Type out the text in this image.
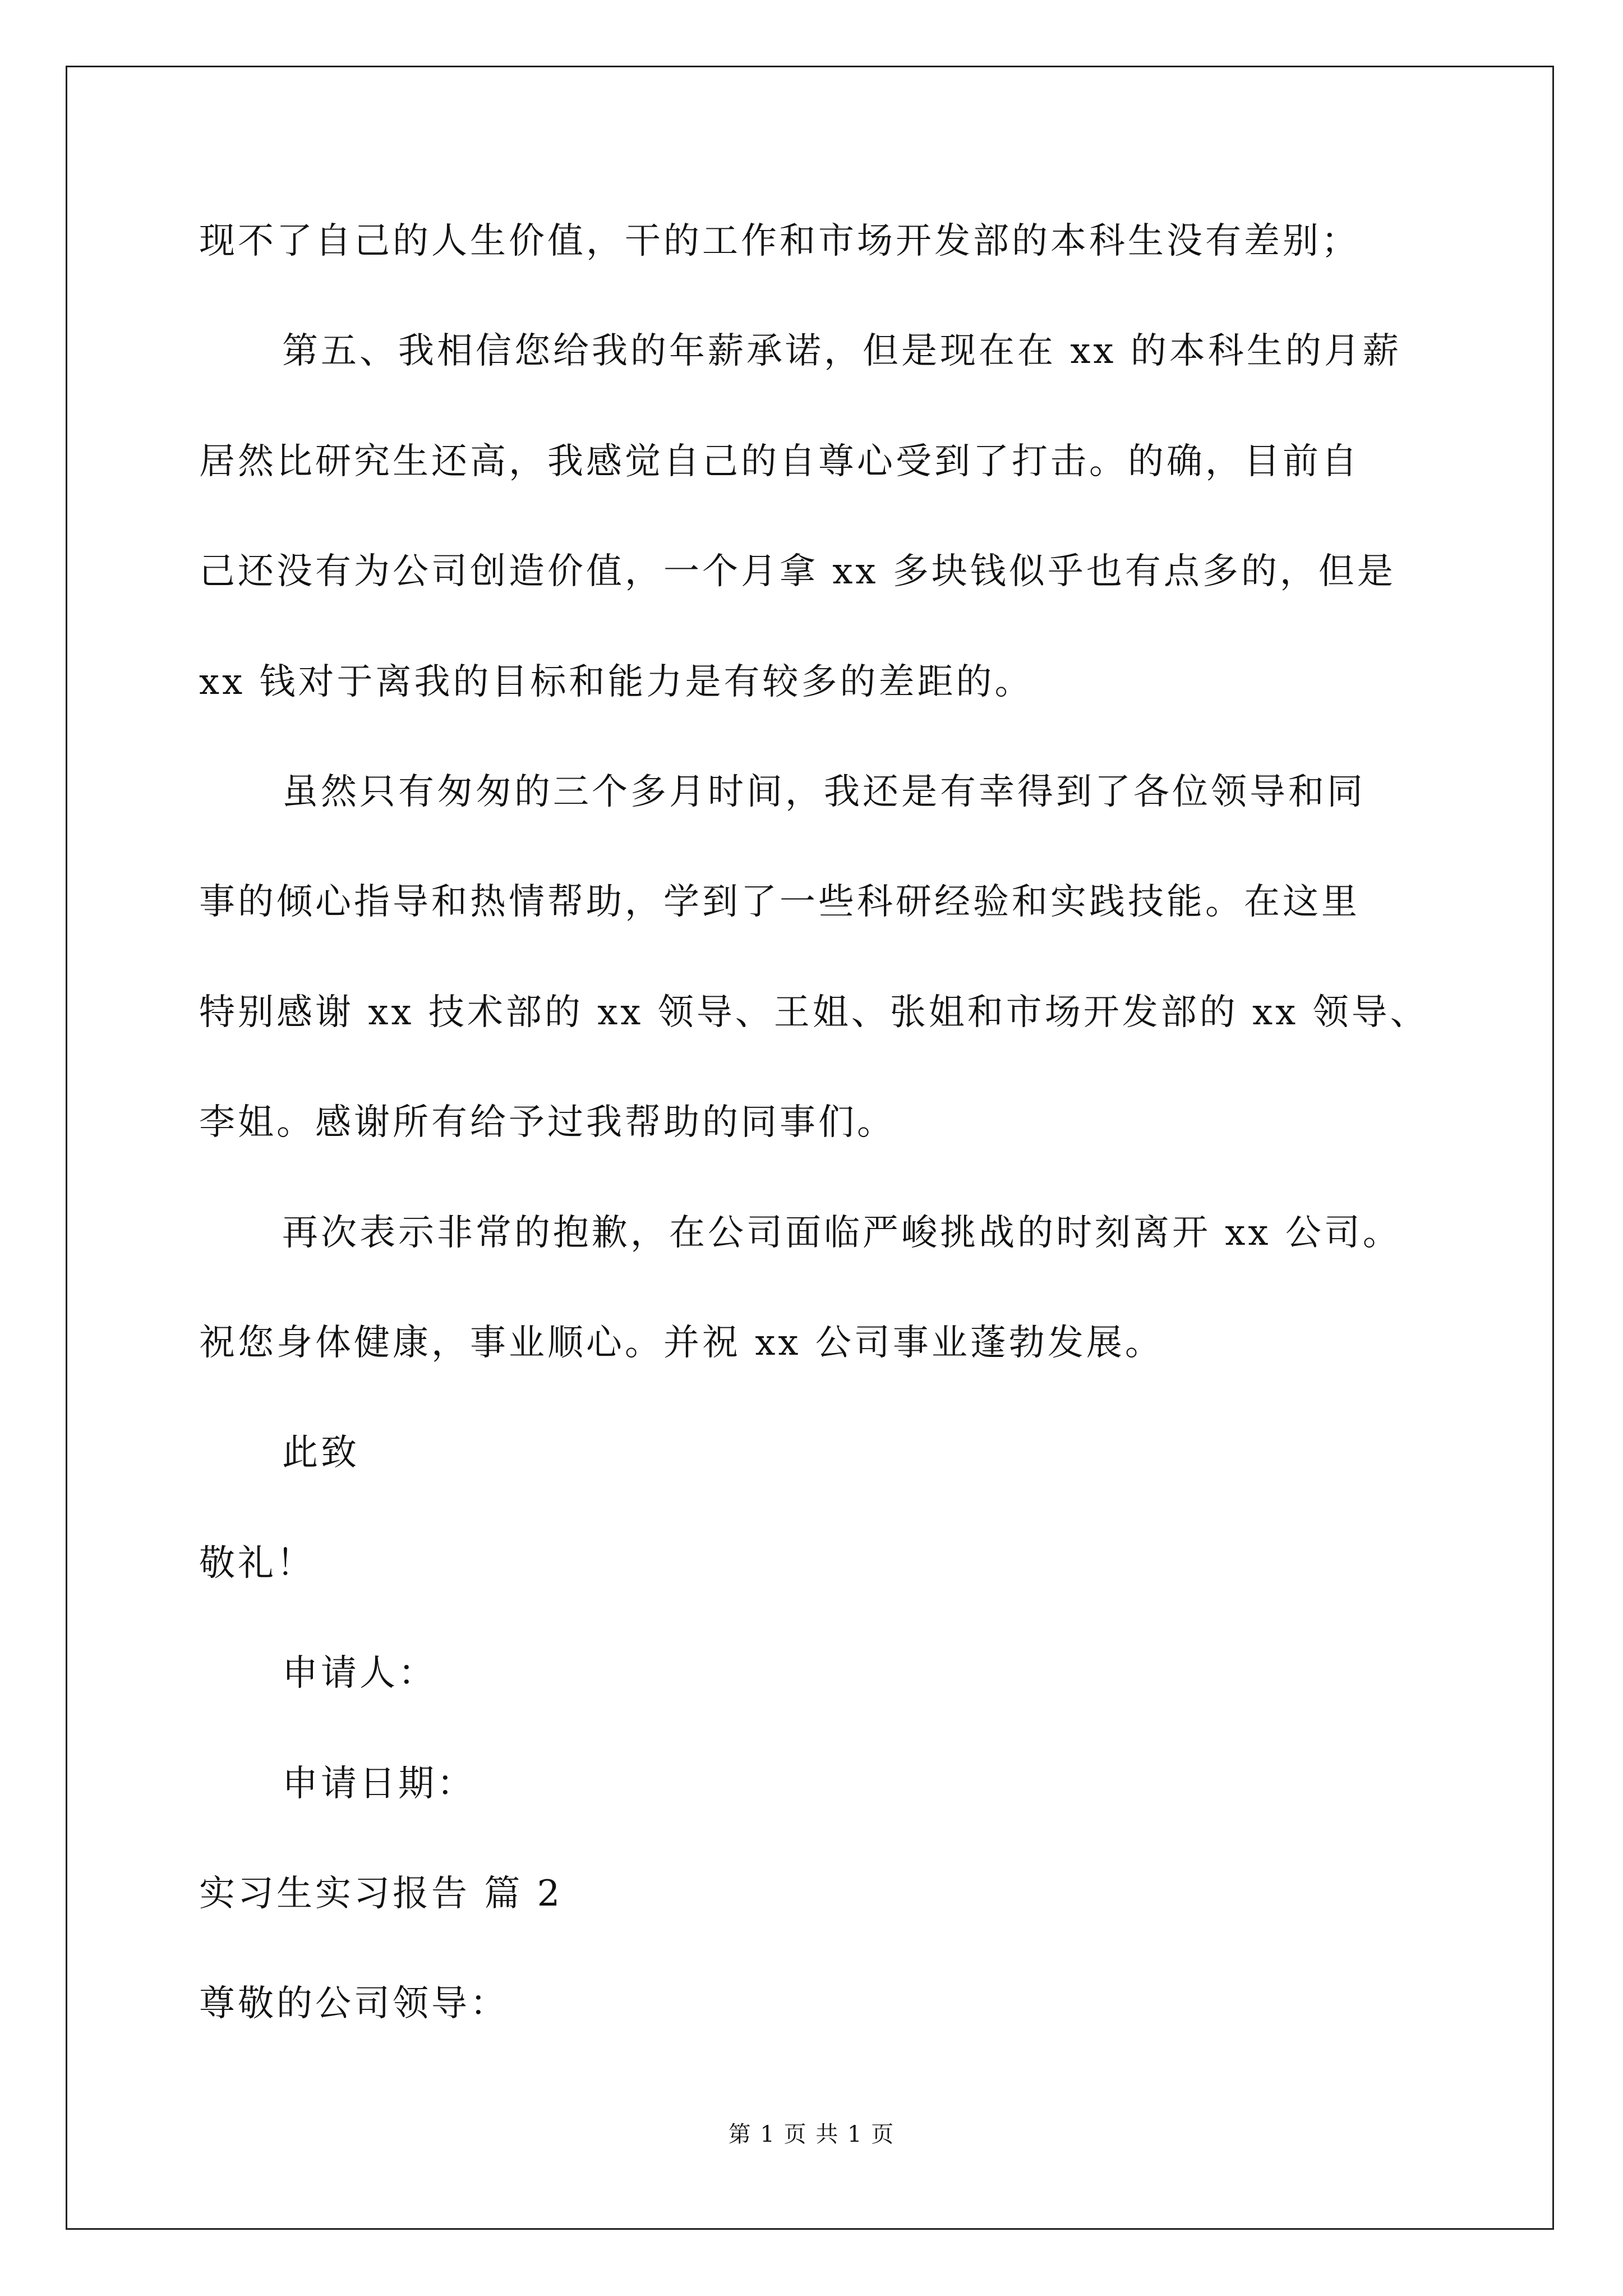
现不了自己的人生价值，干的工作和市场开发部的本科生没有差别；
第五、我相信您给我的年薪承诺，但是现在在 xx 的本科生的月薪
居然比研究生还高，我感觉自己的自尊心受到了打击。的确，目前自
己还没有为公司创造价值，一个月拿 xx 多块钱似乎也有点多的，但是
xx 钱对于离我的目标和能力是有较多的差距的。
虽然只有匆匆的三个多月时间，我还是有幸得到了各位领导和同
事的倾心指导和热情帮助，学到了一些科研经验和实践技能。在这里
特别感谢 xx 技术部的 xx 领导、王姐、张姐和市场开发部的 xx 领导、
李姐。感谢所有给予过我帮助的同事们。
再次表示非常的抱歉，在公司面临严峻挑战的时刻离开 xx 公司。
祝您身体健康，事业顺心。并祝 xx 公司事业蓬勃发展。
此致
敬礼！
申请人：
申请日期：
实习生实习报告 篇 2
尊敬的公司领导：
第 1 页 共 1 页
